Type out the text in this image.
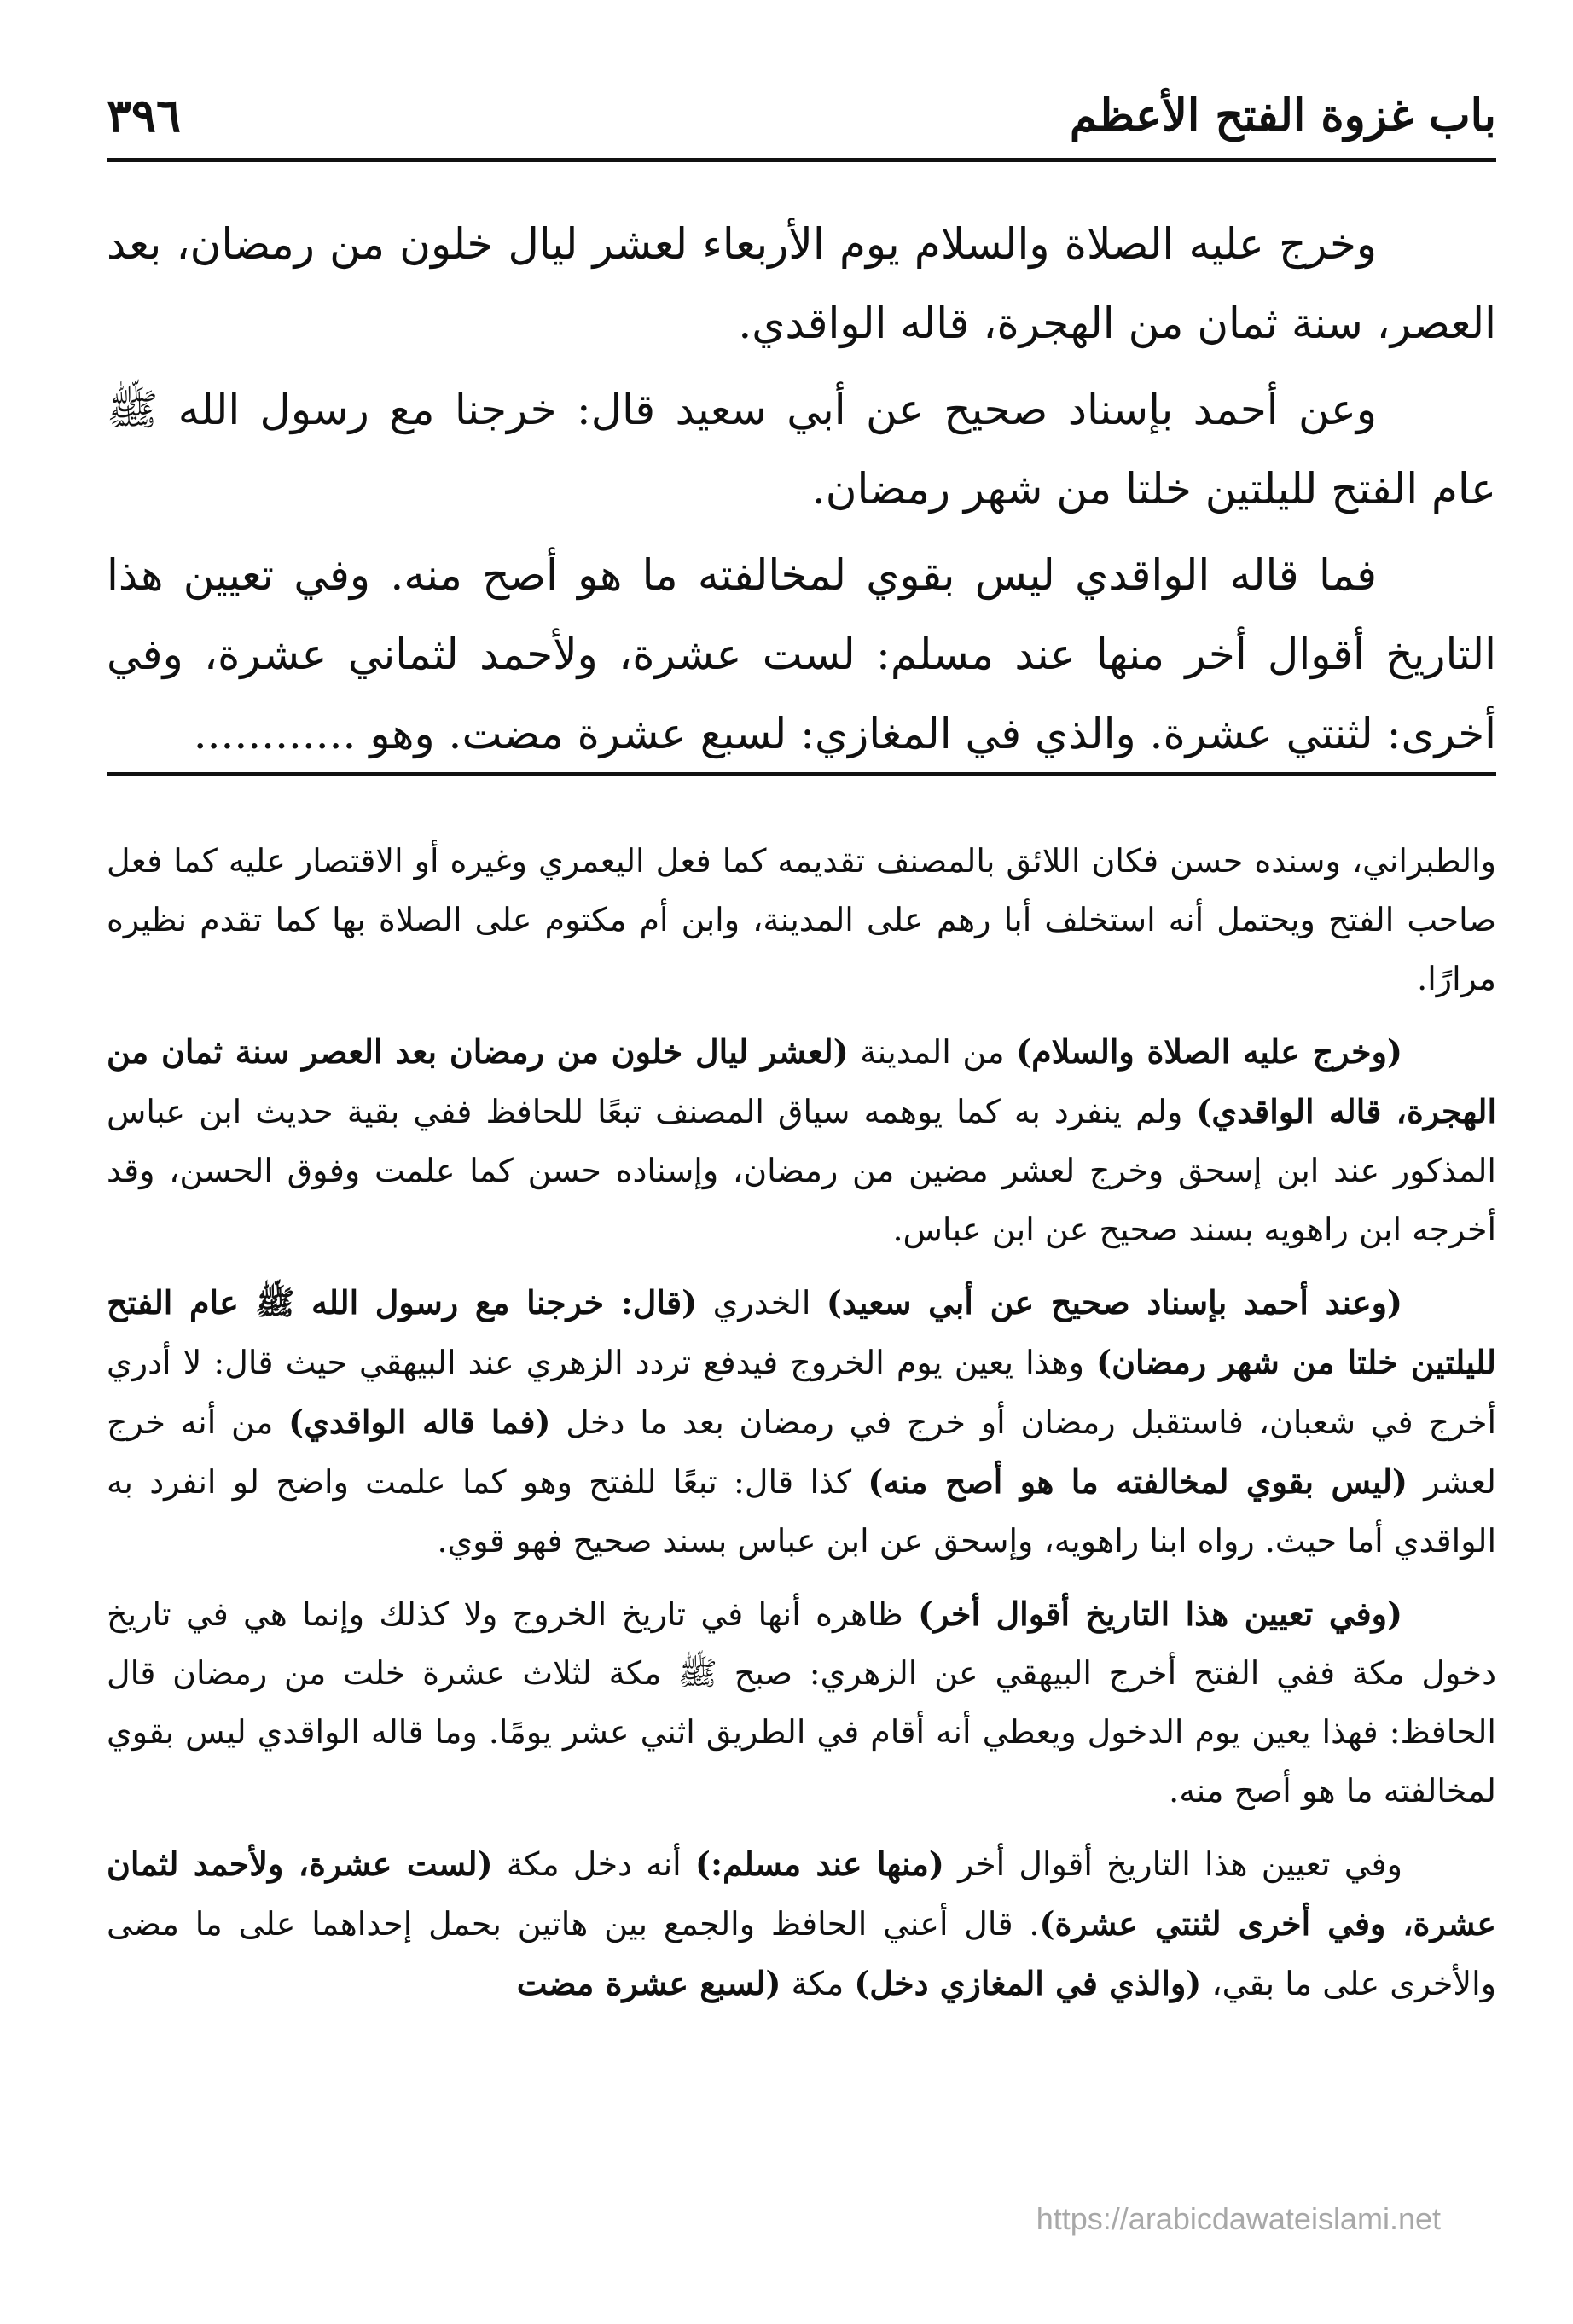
٣٩٦	باب غزوة الفتح الأعظم

وخرج عليه الصلاة والسلام يوم الأربعاء لعشر ليال خلون من رمضان، بعد العصر، سنة ثمان من الهجرة، قاله الواقدي.

وعن أحمد بإسناد صحيح عن أبي سعيد قال: خرجنا مع رسول الله ﷺ عام الفتح لليلتين خلتا من شهر رمضان.

فما قاله الواقدي ليس بقوي لمخالفته ما هو أصح منه. وفي تعيين هذا التاريخ أقوال أخر منها عند مسلم: لست عشرة، ولأحمد لثماني عشرة، وفي أخرى: لثنتي عشرة. والذي في المغازي: لسبع عشرة مضت. وهو ............

والطبراني، وسنده حسن فكان اللائق بالمصنف تقديمه كما فعل اليعمري وغيره أو الاقتصار عليه كما فعل صاحب الفتح ويحتمل أنه استخلف أبا رهم على المدينة، وابن أم مكتوم على الصلاة بها كما تقدم نظيره مرارًا.

(وخرج عليه الصلاة والسلام) من المدينة (لعشر ليال خلون من رمضان بعد العصر سنة ثمان من الهجرة، قاله الواقدي) ولم ينفرد به كما يوهمه سياق المصنف تبعًا للحافظ ففي بقية حديث ابن عباس المذكور عند ابن إسحق وخرج لعشر مضين من رمضان، وإسناده حسن كما علمت وفوق الحسن، وقد أخرجه ابن راهويه بسند صحيح عن ابن عباس.

(وعند أحمد بإسناد صحيح عن أبي سعيد) الخدري (قال: خرجنا مع رسول الله ﷺ عام الفتح لليلتين خلتا من شهر رمضان) وهذا يعين يوم الخروج فيدفع تردد الزهري عند البيهقي حيث قال: لا أدري أخرج في شعبان، فاستقبل رمضان أو خرج في رمضان بعد ما دخل (فما قاله الواقدي) من أنه خرج لعشر (ليس بقوي لمخالفته ما هو أصح منه) كذا قال: تبعًا للفتح وهو كما علمت واضح لو انفرد به الواقدي أما حيث. رواه ابنا راهويه، وإسحق عن ابن عباس بسند صحيح فهو قوي.

(وفي تعيين هذا التاريخ أقوال أخر) ظاهره أنها في تاريخ الخروج ولا كذلك وإنما هي في تاريخ دخول مكة ففي الفتح أخرج البيهقي عن الزهري: صبح ﷺ مكة لثلاث عشرة خلت من رمضان قال الحافظ: فهذا يعين يوم الدخول ويعطي أنه أقام في الطريق اثني عشر يومًا. وما قاله الواقدي ليس بقوي لمخالفته ما هو أصح منه.

وفي تعيين هذا التاريخ أقوال أخر (منها عند مسلم:) أنه دخل مكة (لست عشرة، ولأحمد لثمان عشرة، وفي أخرى لثنتي عشرة). قال أعني الحافظ والجمع بين هاتين بحمل إحداهما على ما مضى والأخرى على ما بقي، (والذي في المغازي دخل) مكة (لسبع عشرة مضت

https://arabicdawateislami.net
